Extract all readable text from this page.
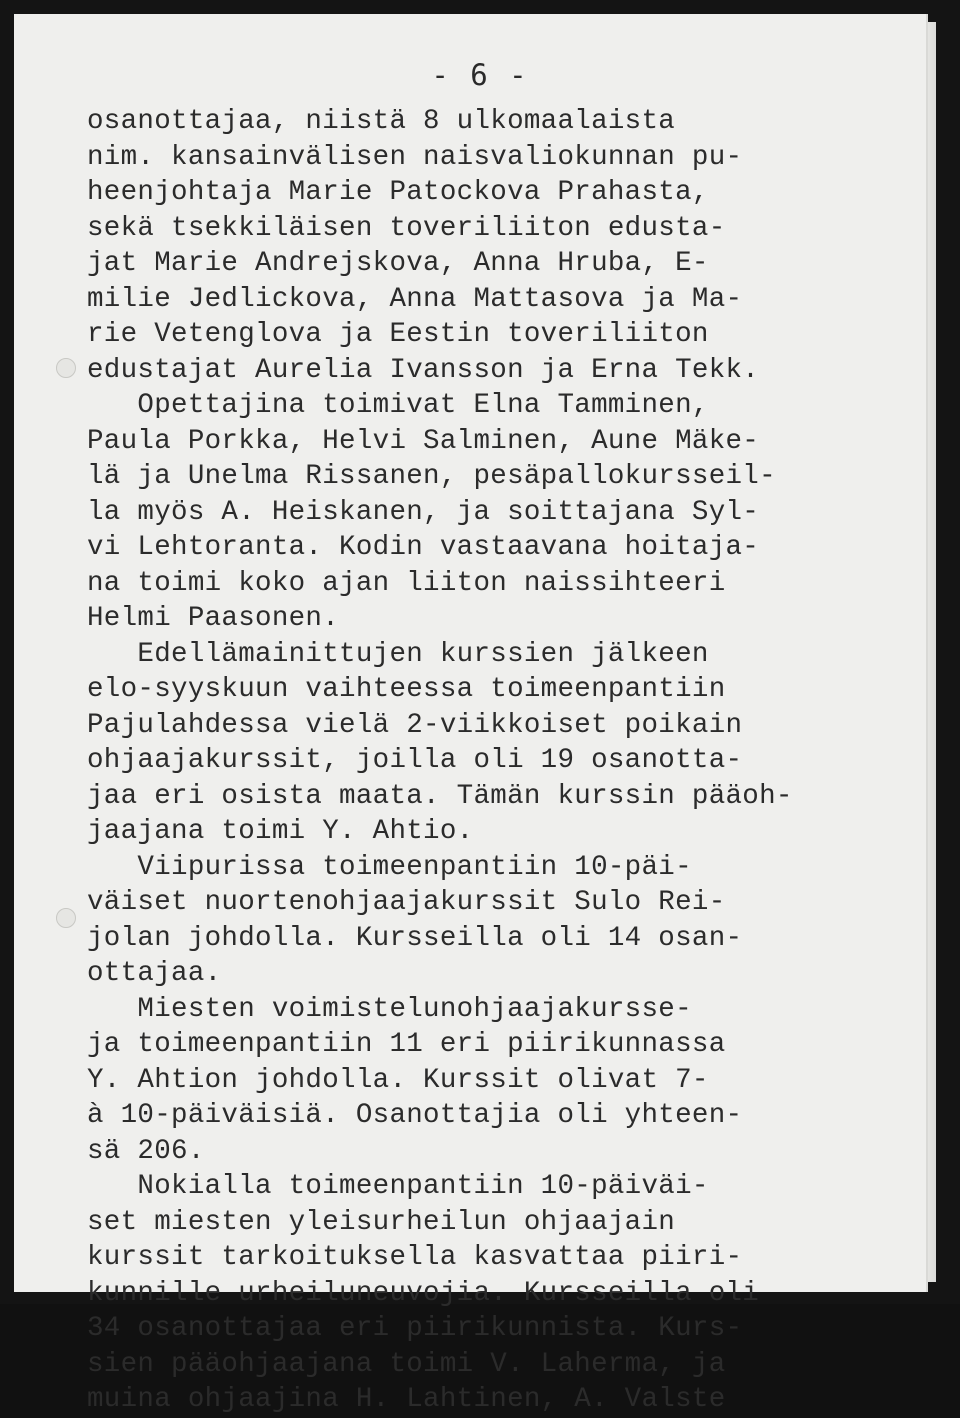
- 6 -
osanottajaa, niistä 8 ulkomaalaista
nim. kansainvälisen naisvaliokunnan pu-
heenjohtaja Marie Patockova Prahasta,
sekä tsekkiläisen toveriliiton edusta-
jat Marie Andrejskova, Anna Hruba, E-
milie Jedlickova, Anna Mattasova ja Ma-
rie Vetenglova ja Eestin toveriliiton
edustajat Aurelia Ivansson ja Erna Tekk.
Opettajina toimivat Elna Tamminen,
Paula Porkka, Helvi Salminen, Aune Mäke-
lä ja Unelma Rissanen, pesäpallokursseil-
la myös A. Heiskanen, ja soittajana Syl-
vi Lehtoranta. Kodin vastaavana hoitaja-
na toimi koko ajan liiton naissihteeri
Helmi Paasonen.
Edellämainittujen kurssien jälkeen
elo-syyskuun vaihteessa toimeenpantiin
Pajulahdessa vielä 2-viikkoiset poikain
ohjaajakurssit, joilla oli 19 osanotta-
jaa eri osista maata. Tämän kurssin pääoh-
jaajana toimi Y. Ahtio.
Viipurissa toimeenpantiin 10-päi-
väiset nuortenohjaajakurssit Sulo Rei-
jolan johdolla. Kursseilla oli 14 osan-
ottajaa.
Miesten voimistelunohjaajakursse-
ja toimeenpantiin 11 eri piirikunnassa
Y. Ahtion johdolla. Kurssit olivat 7-
à 10-päiväisiä. Osanottajia oli yhteen-
sä 206.
Nokialla toimeenpantiin 10-päiväi-
set miesten yleisurheilun ohjaajain
kurssit tarkoituksella kasvattaa piiri-
kunnille urheiluneuvojia. Kursseilla oli
34 osanottajaa eri piirikunnista. Kurs-
sien pääohjaajana toimi V. Laherma, ja
muina ohjaajina H. Lahtinen, A. Valste
